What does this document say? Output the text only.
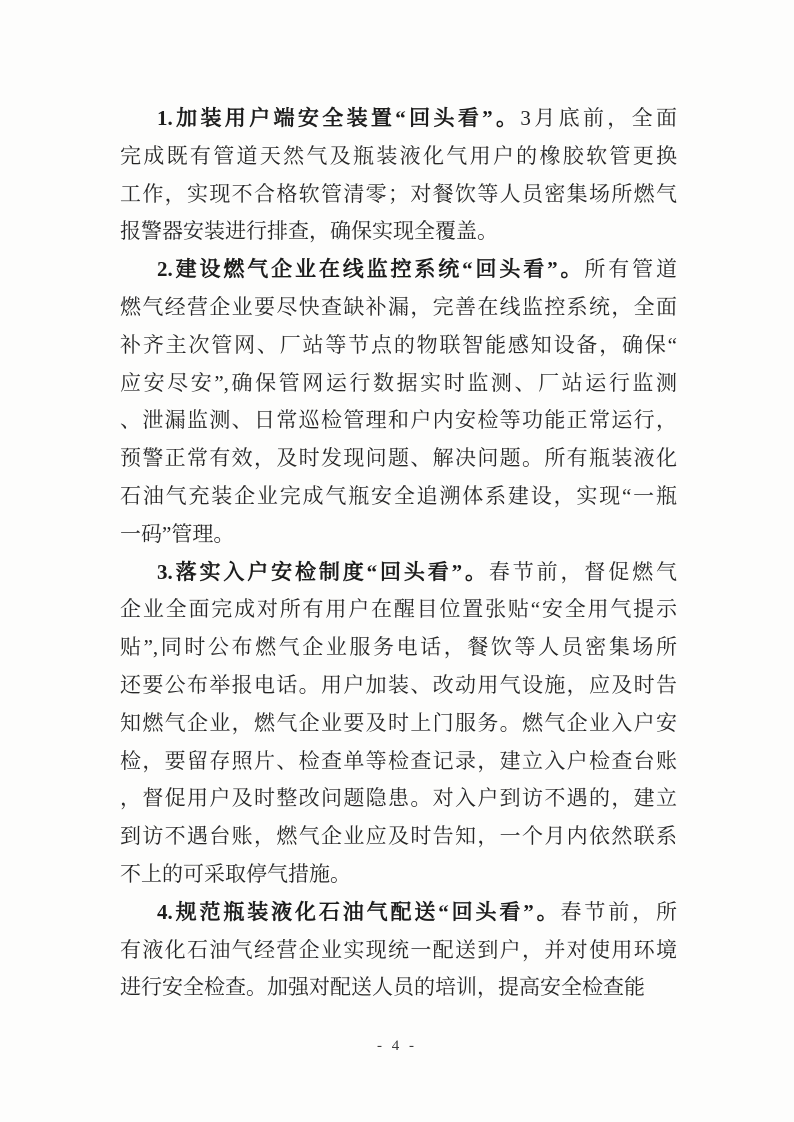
1.加装用户端安全装置“回头看”。3月底前，全面
完成既有管道天然气及瓶装液化气用户的橡胶软管更换
工作，实现不合格软管清零；对餐饮等人员密集场所燃气
报警器安装进行排查，确保实现全覆盖。
2.建设燃气企业在线监控系统“回头看”。所有管道
燃气经营企业要尽快查缺补漏，完善在线监控系统，全面
补齐主次管网、厂站等节点的物联智能感知设备，确保“
应安尽安”,确保管网运行数据实时监测、厂站运行监测
、泄漏监测、日常巡检管理和户内安检等功能正常运行，
预警正常有效，及时发现问题、解决问题。所有瓶装液化
石油气充装企业完成气瓶安全追溯体系建设，实现“一瓶
一码”管理。
3.落实入户安检制度“回头看”。春节前，督促燃气
企业全面完成对所有用户在醒目位置张贴“安全用气提示
贴”,同时公布燃气企业服务电话，餐饮等人员密集场所
还要公布举报电话。用户加装、改动用气设施，应及时告
知燃气企业，燃气企业要及时上门服务。燃气企业入户安
检，要留存照片、检查单等检查记录，建立入户检查台账
，督促用户及时整改问题隐患。对入户到访不遇的，建立
到访不遇台账，燃气企业应及时告知，一个月内依然联系
不上的可采取停气措施。
4.规范瓶装液化石油气配送“回头看”。春节前，所
有液化石油气经营企业实现统一配送到户，并对使用环境
进行安全检查。加强对配送人员的培训，提高安全检查能
- 4 -
